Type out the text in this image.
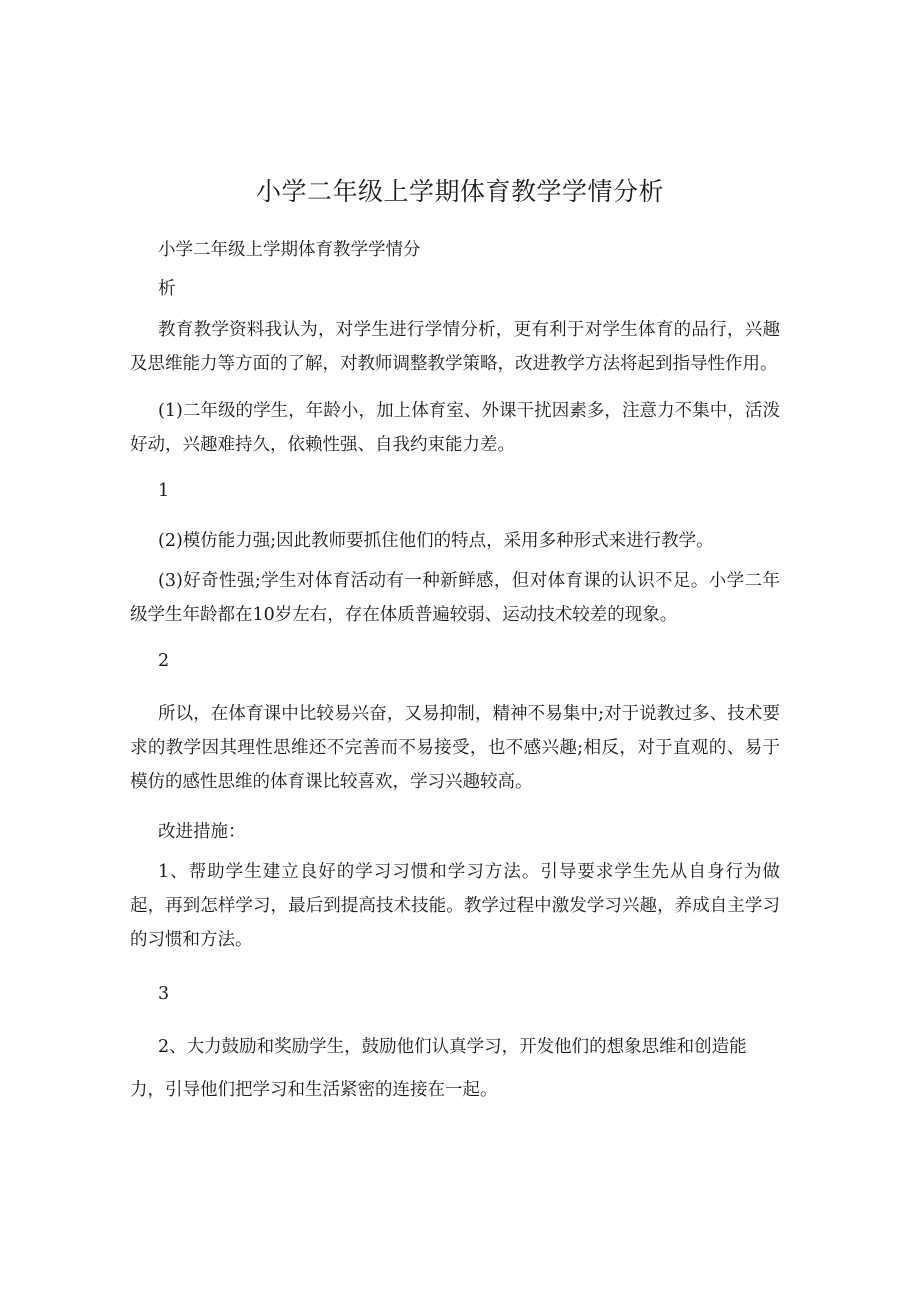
小学二年级上学期体育教学学情分析

小学二年级上学期体育教学学情分

析

教育教学资料我认为，对学生进行学情分析，更有利于对学生体育的品行，兴趣及思维能力等方面的了解，对教师调整教学策略，改进教学方法将起到指导性作用。

(1)二年级的学生，年龄小，加上体育室、外课干扰因素多，注意力不集中，活泼好动，兴趣难持久，依赖性强、自我约束能力差。

1

(2)模仿能力强;因此教师要抓住他们的特点，采用多种形式来进行教学。

(3)好奇性强;学生对体育活动有一种新鲜感，但对体育课的认识不足。小学二年级学生年龄都在10岁左右，存在体质普遍较弱、运动技术较差的现象。

2

所以，在体育课中比较易兴奋，又易抑制，精神不易集中;对于说教过多、技术要求的教学因其理性思维还不完善而不易接受，也不感兴趣;相反，对于直观的、易于模仿的感性思维的体育课比较喜欢，学习兴趣较高。

改进措施：

1、帮助学生建立良好的学习习惯和学习方法。引导要求学生先从自身行为做起，再到怎样学习，最后到提高技术技能。教学过程中激发学习兴趣，养成自主学习的习惯和方法。

3

2、大力鼓励和奖励学生，鼓励他们认真学习，开发他们的想象思维和创造能

力，引导他们把学习和生活紧密的连接在一起。
